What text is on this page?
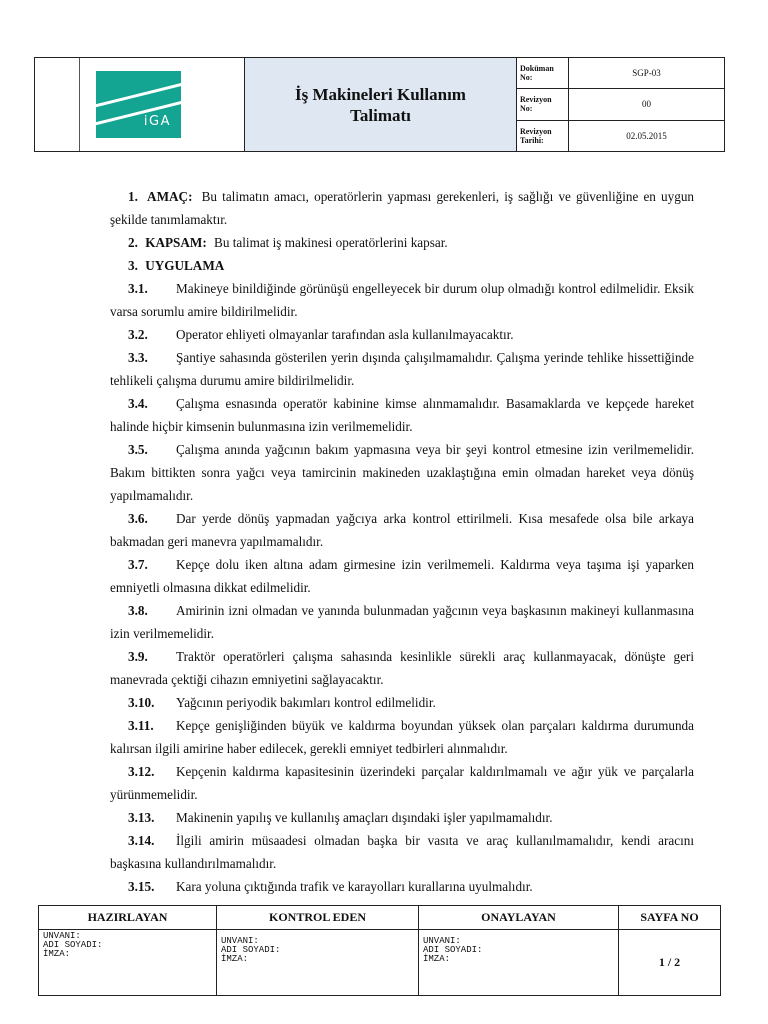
iGA
İş Makineleri Kullanım Talimatı
Doküman No:	SGP-03
Revizyon No:	00
Revizyon Tarihi:	02.05.2015

1. AMAÇ: Bu talimatın amacı, operatörlerin yapması gerekenleri, iş sağlığı ve güvenliğine en uygun şekilde tanımlamaktır.

2. KAPSAM: Bu talimat iş makinesi operatörlerini kapsar.

3. UYGULAMA

3.1. Makineye binildiğinde görünüşü engelleyecek bir durum olup olmadığı kontrol edilmelidir. Eksik varsa sorumlu amire bildirilmelidir.

3.2. Operator ehliyeti olmayanlar tarafından asla kullanılmayacaktır.

3.3. Şantiye sahasında gösterilen yerin dışında çalışılmamalıdır. Çalışma yerinde tehlike hissettiğinde tehlikeli çalışma durumu amire bildirilmelidir.

3.4. Çalışma esnasında operatör kabinine kimse alınmamalıdır. Basamaklarda ve kepçede hareket halinde hiçbir kimsenin bulunmasına izin verilmemelidir.

3.5. Çalışma anında yağcının bakım yapmasına veya bir şeyi kontrol etmesine izin verilmemelidir. Bakım bittikten sonra yağcı veya tamircinin makineden uzaklaştığına emin olmadan hareket veya dönüş yapılmamalıdır.

3.6. Dar yerde dönüş yapmadan yağcıya arka kontrol ettirilmeli. Kısa mesafede olsa bile arkaya bakmadan geri manevra yapılmamalıdır.

3.7. Kepçe dolu iken altına adam girmesine izin verilmemeli. Kaldırma veya taşıma işi yaparken emniyetli olmasına dikkat edilmelidir.

3.8. Amirinin izni olmadan ve yanında bulunmadan yağcının veya başkasının makineyi kullanmasına izin verilmemelidir.

3.9. Traktör operatörleri çalışma sahasında kesinlikle sürekli araç kullanmayacak, dönüşte geri manevrada çektiği cihazın emniyetini sağlayacaktır.

3.10. Yağcının periyodik bakımları kontrol edilmelidir.

3.11. Kepçe genişliğinden büyük ve kaldırma boyundan yüksek olan parçaları kaldırma durumunda kalırsan ilgili amirine haber edilecek, gerekli emniyet tedbirleri alınmalıdır.

3.12. Kepçenin kaldırma kapasitesinin üzerindeki parçalar kaldırılmamalı ve ağır yük ve parçalarla yürünmemelidir.

3.13. Makinenin yapılış ve kullanılış amaçları dışındaki işler yapılmamalıdır.

3.14. İlgili amirin müsaadesi olmadan başka bir vasıta ve araç kullanılmamalıdır, kendi aracını başkasına kullandırılmamalıdır.

3.15. Kara yoluna çıktığında trafik ve karayolları kurallarına uyulmalıdır.

HAZIRLAYAN	KONTROL EDEN	ONAYLAYAN	SAYFA NO

UNVANI:
ADI SOYADI:
İMZA:	UNVANI:
ADI SOYADI:
İMZA:	UNVANI:
ADI SOYADI:
İMZA:	1 / 2
